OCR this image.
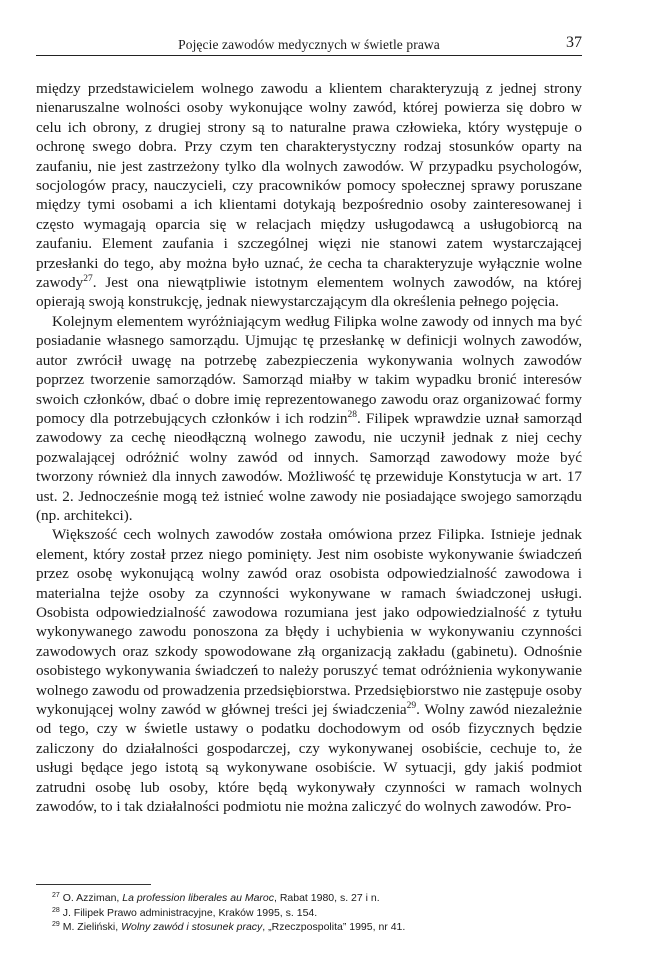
Pojęcie zawodów medycznych w świetle prawa	37

między przedstawicielem wolnego zawodu a klientem charakteryzują z jednej strony nienaruszalne wolności osoby wykonujące wolny zawód, której powierza się dobro w celu ich obrony, z drugiej strony są to naturalne prawa człowieka, który występuje o ochronę swego dobra. Przy czym ten charakterystyczny rodzaj stosunków oparty na zaufaniu, nie jest zastrzeżony tylko dla wolnych zawodów. W przypadku psychologów, socjologów pracy, nauczycieli, czy pracowników pomocy społecznej sprawy poruszane między tymi osobami a ich klientami dotykają bezpośrednio osoby zainteresowanej i często wymagają oparcia się w relacjach między usługodawcą a usługobiorcą na zaufaniu. Element zaufania i szczególnej więzi nie stanowi zatem wystarczającej przesłanki do tego, aby można było uznać, że cecha ta charakteryzuje wyłącznie wolne zawody$^{27}$. Jest ona niewątpliwie istotnym elementem wolnych zawodów, na której opierają swoją konstrukcję, jednak niewystarczającym dla określenia pełnego pojęcia.

Kolejnym elementem wyróżniającym według Filipka wolne zawody od innych ma być posiadanie własnego samorządu. Ujmując tę przesłankę w definicji wolnych zawodów, autor zwrócił uwagę na potrzebę zabezpieczenia wykonywania wolnych zawodów poprzez tworzenie samorządów. Samorząd miałby w takim wypadku bronić interesów swoich członków, dbać o dobre imię reprezentowanego zawodu oraz organizować formy pomocy dla potrzebujących członków i ich rodzin$^{28}$. Filipek wprawdzie uznał samorząd zawodowy za cechę nieodłączną wolnego zawodu, nie uczynił jednak z niej cechy pozwalającej odróżnić wolny zawód od innych. Samorząd zawodowy może być tworzony również dla innych zawodów. Możliwość tę przewiduje Konstytucja w art. 17 ust. 2. Jednocześnie mogą też istnieć wolne zawody nie posiadające swojego samorządu (np. architekci).

Większość cech wolnych zawodów została omówiona przez Filipka. Istnieje jednak element, który został przez niego pominięty. Jest nim osobiste wykonywanie świadczeń przez osobę wykonującą wolny zawód oraz osobista odpowiedzialność zawodowa i materialna tejże osoby za czynności wykonywane w ramach świadczonej usługi. Osobista odpowiedzialność zawodowa rozumiana jest jako odpowiedzialność z tytułu wykonywanego zawodu ponoszona za błędy i uchybienia w wykonywaniu czynności zawodowych oraz szkody spowodowane złą organizacją zakładu (gabinetu). Odnośnie osobistego wykonywania świadczeń to należy poruszyć temat odróżnienia wykonywanie wolnego zawodu od prowadzenia przedsiębiorstwa. Przedsiębiorstwo nie zastępuje osoby wykonującej wolny zawód w głównej treści jej świadczenia$^{29}$. Wolny zawód niezależnie od tego, czy w świetle ustawy o podatku dochodowym od osób fizycznych będzie zaliczony do działalności gospodarczej, czy wykonywanej osobiście, cechuje to, że usługi będące jego istotą są wykonywane osobiście. W sytuacji, gdy jakiś podmiot zatrudni osobę lub osoby, które będą wykonywały czynności w ramach wolnych zawodów, to i tak działalności podmiotu nie można zaliczyć do wolnych zawodów. Pro-

$^{27}$ O. Azziman, La profession liberales au Maroc, Rabat 1980, s. 27 i n.
$^{28}$ J. Filipek Prawo administracyjne, Kraków 1995, s. 154.
$^{29}$ M. Zieliński, Wolny zawód i stosunek pracy, „Rzeczpospolita” 1995, nr 41.
